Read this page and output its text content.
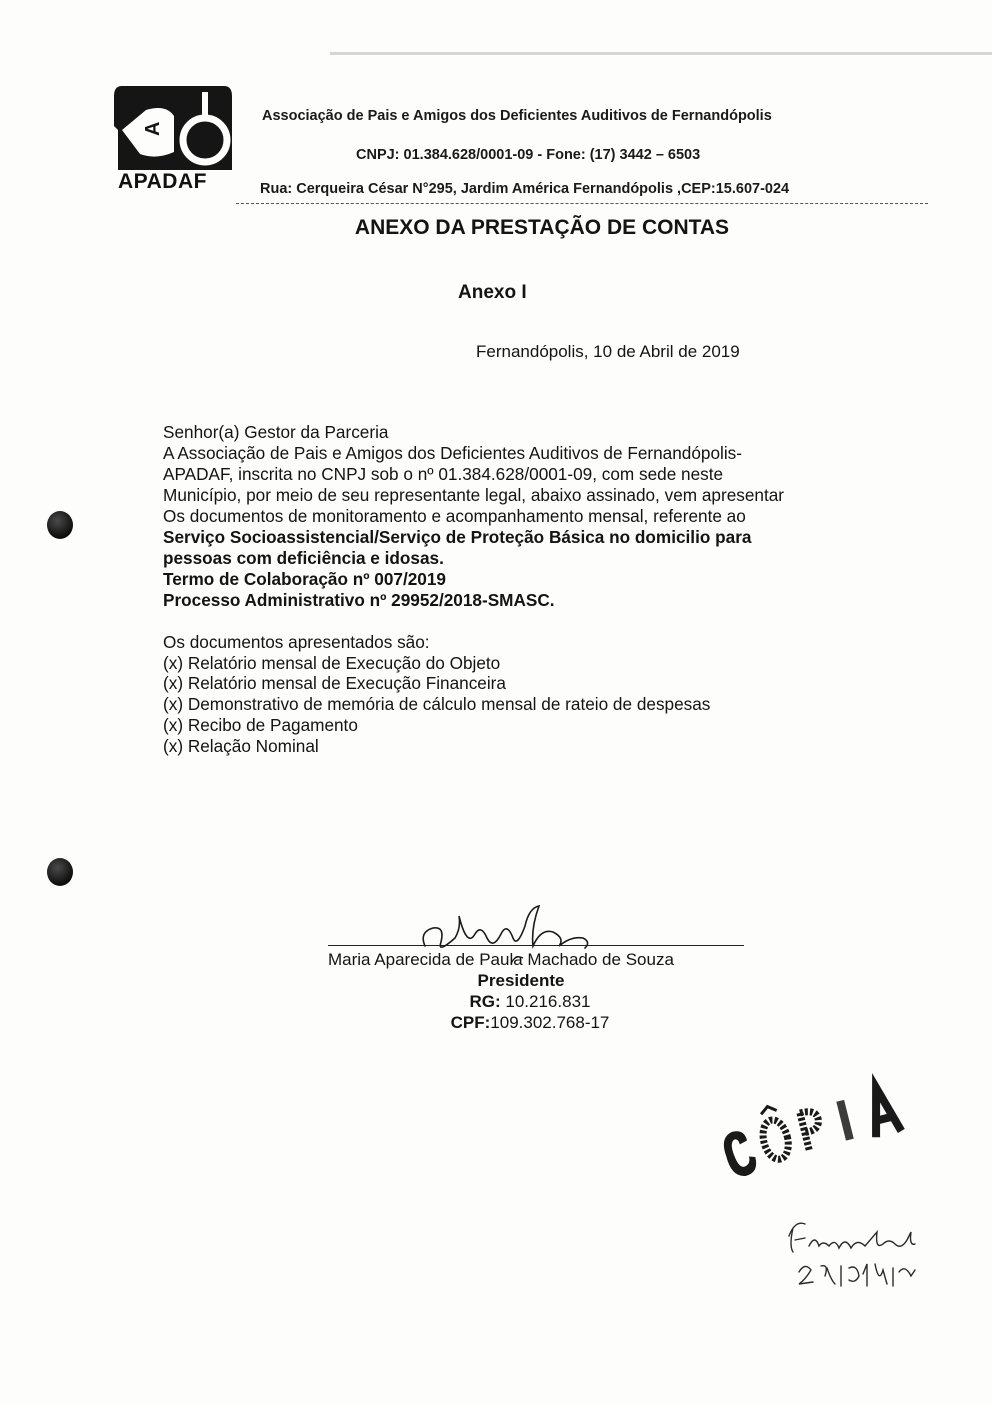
A
APADAF
Associação de Pais e Amigos dos Deficientes Auditivos de Fernandópolis
CNPJ: 01.384.628/0001-09 - Fone: (17) 3442 – 6503
Rua: Cerqueira César N°295, Jardim América Fernandópolis ,CEP:15.607-024
ANEXO DA PRESTAÇÃO DE CONTAS
Anexo I
Fernandópolis, 10 de Abril de 2019
Senhor(a) Gestor da Parceria
A Associação de Pais e Amigos dos Deficientes Auditivos de Fernandópolis-
APADAF, inscrita no CNPJ sob o nº 01.384.628/0001-09, com sede neste
Município, por meio de seu representante legal, abaixo assinado, vem apresentar
Os documentos de monitoramento e acompanhamento mensal, referente ao
Serviço Socioassistencial/Serviço de Proteção Básica no domicilio para
pessoas com deficiência e idosas.
Termo de Colaboração nº 007/2019
Processo Administrativo nº 29952/2018-SMASC.
Os documentos apresentados são:
(x) Relatório mensal de Execução do Objeto
(x) Relatório mensal de Execução Financeira
(x) Demonstrativo de memória de cálculo mensal de rateio de despesas
(x) Recibo de Pagamento
(x) Relação Nominal
Maria Aparecida de Paula Machado de Souza
Presidente
RG: 10.216.831
CPF:109.302.768-17
